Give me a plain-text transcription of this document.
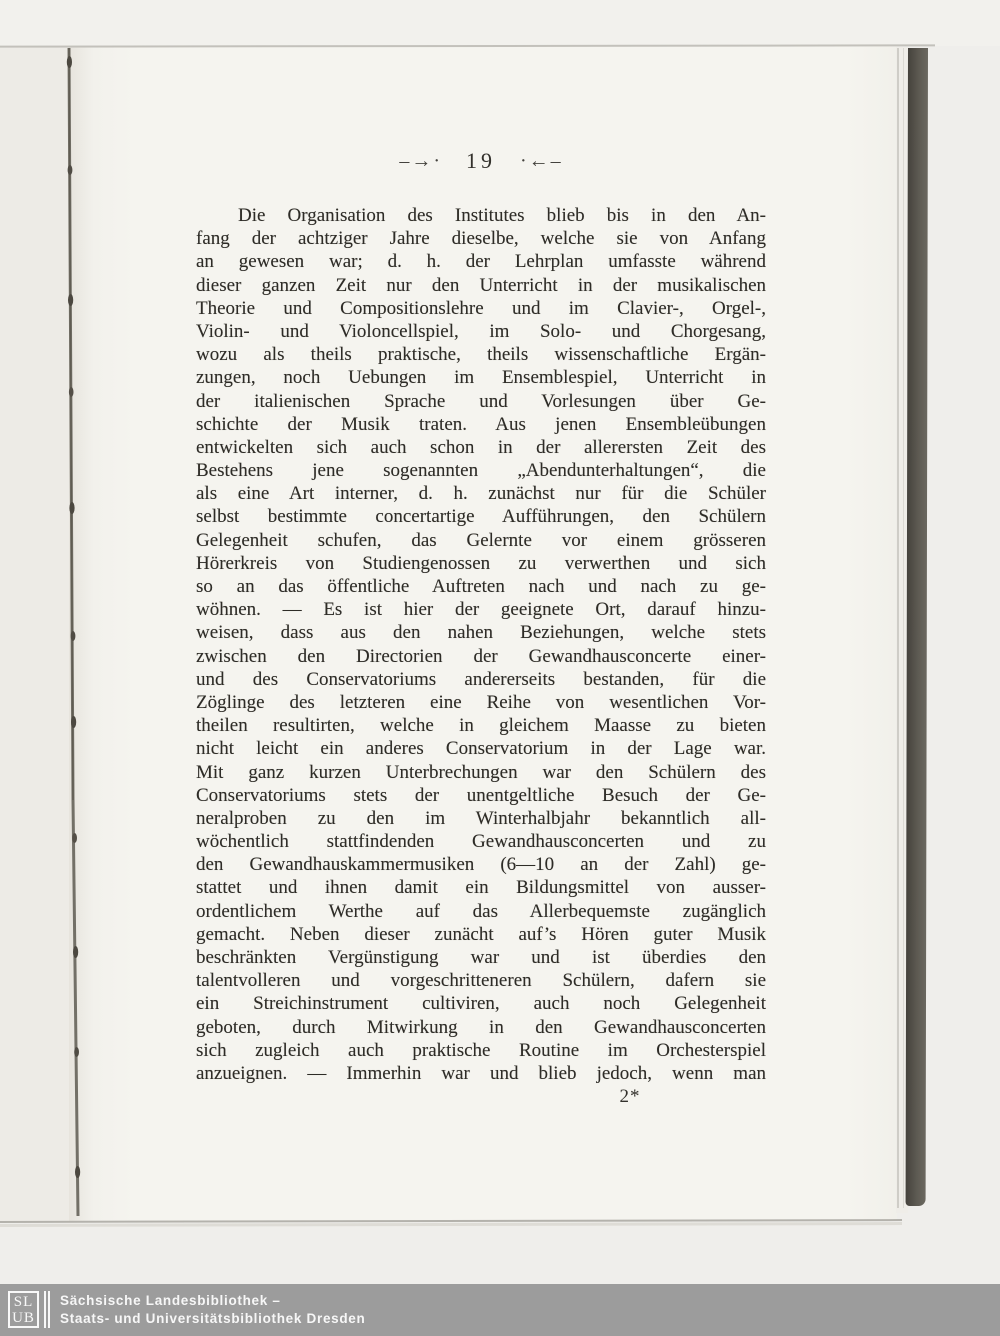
–→· 19 ·←–
Die Organisation des Institutes blieb bis in den An-
fang der achtziger Jahre dieselbe, welche sie von Anfang
an gewesen war; d. h. der Lehrplan umfasste während
dieser ganzen Zeit nur den Unterricht in der musikalischen
Theorie und Compositionslehre und im Clavier-, Orgel-,
Violin- und Violoncellspiel, im Solo- und Chorgesang,
wozu als theils praktische, theils wissenschaftliche Ergän-
zungen, noch Uebungen im Ensemblespiel, Unterricht in
der italienischen Sprache und Vorlesungen über Ge-
schichte der Musik traten. Aus jenen Ensembleübungen
entwickelten sich auch schon in der allerersten Zeit des
Bestehens jene sogenannten „Abendunterhaltungen“, die
als eine Art interner, d. h. zunächst nur für die Schüler
selbst bestimmte concertartige Aufführungen, den Schülern
Gelegenheit schufen, das Gelernte vor einem grösseren
Hörerkreis von Studiengenossen zu verwerthen und sich
so an das öffentliche Auftreten nach und nach zu ge-
wöhnen. — Es ist hier der geeignete Ort, darauf hinzu-
weisen, dass aus den nahen Beziehungen, welche stets
zwischen den Directorien der Gewandhausconcerte einer-
und des Conservatoriums andererseits bestanden, für die
Zöglinge des letzteren eine Reihe von wesentlichen Vor-
theilen resultirten, welche in gleichem Maasse zu bieten
nicht leicht ein anderes Conservatorium in der Lage war.
Mit ganz kurzen Unterbrechungen war den Schülern des
Conservatoriums stets der unentgeltliche Besuch der Ge-
neralproben zu den im Winterhalbjahr bekanntlich all-
wöchentlich stattfindenden Gewandhausconcerten und zu
den Gewandhauskammermusiken (6—10 an der Zahl) ge-
stattet und ihnen damit ein Bildungsmittel von ausser-
ordentlichem Werthe auf das Allerbequemste zugänglich
gemacht. Neben dieser zunächt auf’s Hören guter Musik
beschränkten Vergünstigung war und ist überdies den
talentvolleren und vorgeschritteneren Schülern, dafern sie
ein Streichinstrument cultiviren, auch noch Gelegenheit
geboten, durch Mitwirkung in den Gewandhausconcerten
sich zugleich auch praktische Routine im Orchesterspiel
anzueignen. — Immerhin war und blieb jedoch, wenn man
2*
SL
UB
Sächsische Landesbibliothek –
Staats- und Universitätsbibliothek Dresden
